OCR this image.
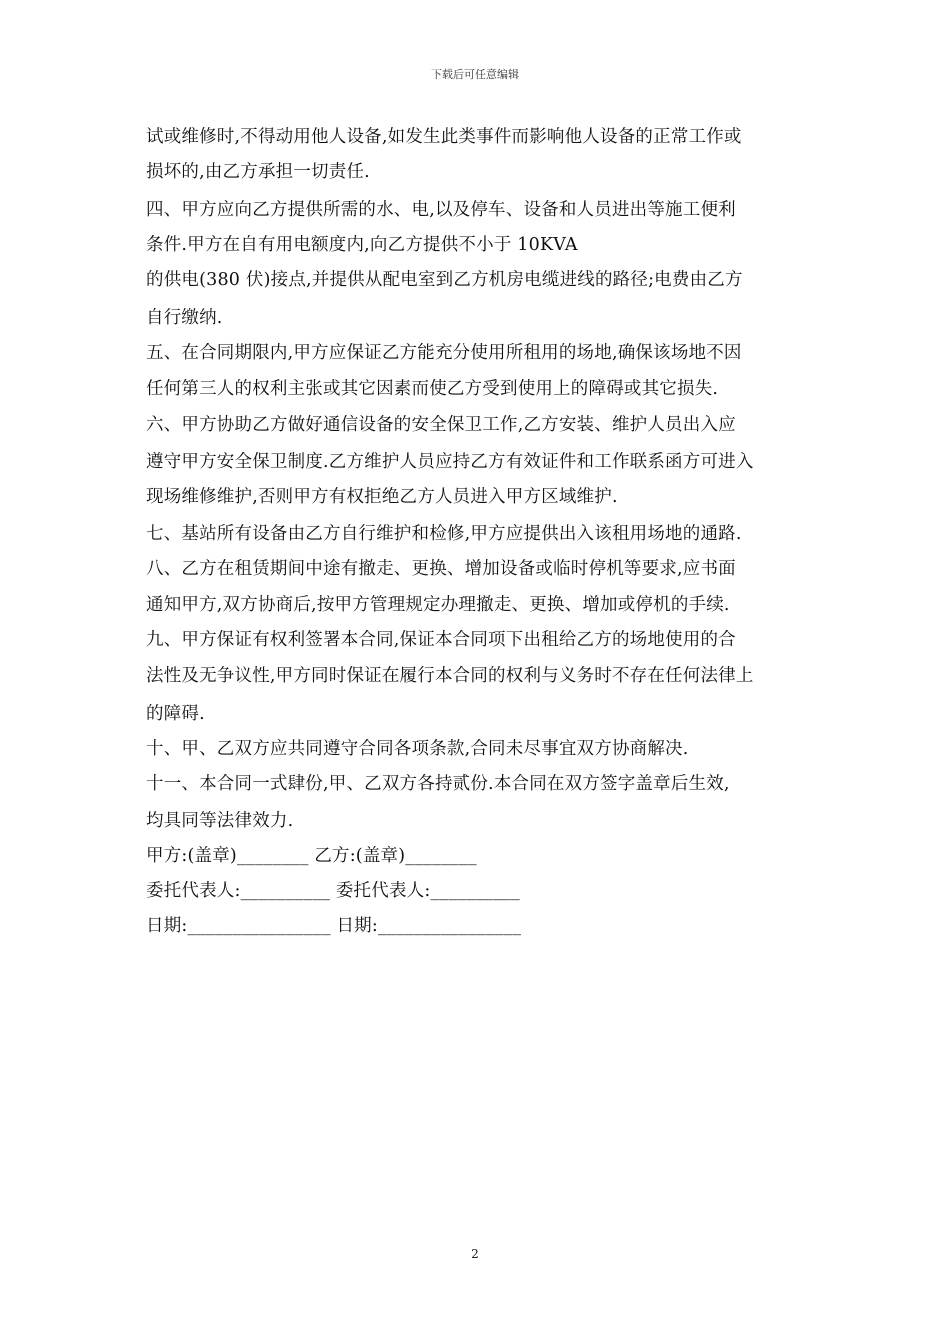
下载后可任意编辑
试或维修时,不得动用他人设备,如发生此类事件而影响他人设备的正常工作或
损坏的,由乙方承担一切责任.
四、甲方应向乙方提供所需的水、电,以及停车、设备和人员进出等施工便利
条件.甲方在自有用电额度内,向乙方提供不小于 10KVA
的供电(380 伏)接点,并提供从配电室到乙方机房电缆进线的路径;电费由乙方
自行缴纳.
五、在合同期限内,甲方应保证乙方能充分使用所租用的场地,确保该场地不因
任何第三人的权利主张或其它因素而使乙方受到使用上的障碍或其它损失.
六、甲方协助乙方做好通信设备的安全保卫工作,乙方安装、维护人员出入应
遵守甲方安全保卫制度.乙方维护人员应持乙方有效证件和工作联系函方可进入
现场维修维护,否则甲方有权拒绝乙方人员进入甲方区域维护.
七、基站所有设备由乙方自行维护和检修,甲方应提供出入该租用场地的通路.
八、乙方在租赁期间中途有撤走、更换、增加设备或临时停机等要求,应书面
通知甲方,双方协商后,按甲方管理规定办理撤走、更换、增加或停机的手续.
九、甲方保证有权利签署本合同,保证本合同项下出租给乙方的场地使用的合
法性及无争议性,甲方同时保证在履行本合同的权利与义务时不存在任何法律上
的障碍.
十、甲、乙双方应共同遵守合同各项条款,合同未尽事宜双方协商解决.
十一、本合同一式肆份,甲、乙双方各持贰份.本合同在双方签字盖章后生效,
均具同等法律效力.
甲方:(盖章)________ 乙方:(盖章)________
委托代表人:__________ 委托代表人:__________
日期:________________ 日期:________________
2
